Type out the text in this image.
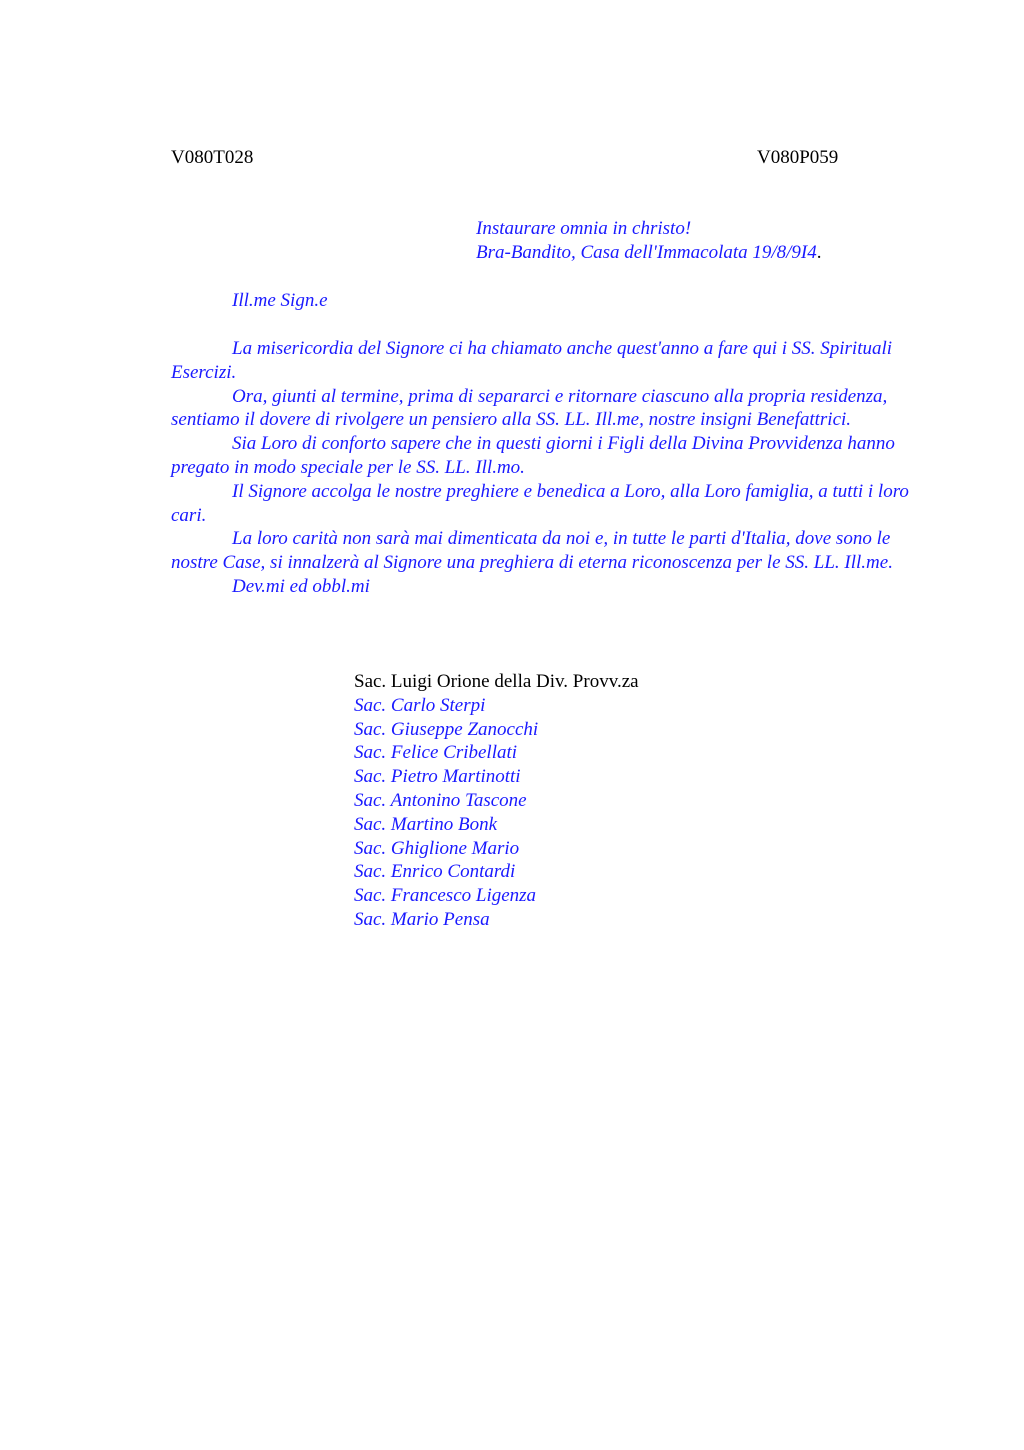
V080T028	V080P059
Instaurare omnia in christo!
Bra-Bandito, Casa dell'Immacolata 19/8/9I4.
Ill.me Sign.e

La misericordia del Signore ci ha chiamato anche quest'anno a fare qui i SS. Spirituali Esercizi.

Ora, giunti al termine, prima di separarci e ritornare ciascuno alla propria residenza, sentiamo il dovere di rivolgere un pensiero alla SS. LL. Ill.me, nostre insigni Benefattrici.

Sia Loro di conforto sapere che in questi giorni i Figli della Divina Provvidenza hanno pregato in modo speciale per le SS. LL. Ill.mo.

Il Signore accolga le nostre preghiere e benedica a Loro, alla Loro famiglia, a tutti i loro cari.

La loro carità non sarà mai dimenticata da noi e, in tutte le parti d'Italia, dove sono le nostre Case, si innalzerà al Signore una preghiera di eterna riconoscenza per le SS. LL. Ill.me.

Dev.mi ed obbl.mi

Sac. Luigi Orione della Div. Provv.za
Sac. Carlo Sterpi
Sac. Giuseppe Zanocchi
Sac. Felice Cribellati
Sac. Pietro Martinotti
Sac. Antonino Tascone
Sac. Martino Bonk
Sac. Ghiglione Mario
Sac. Enrico Contardi
Sac. Francesco Ligenza
Sac. Mario Pensa
